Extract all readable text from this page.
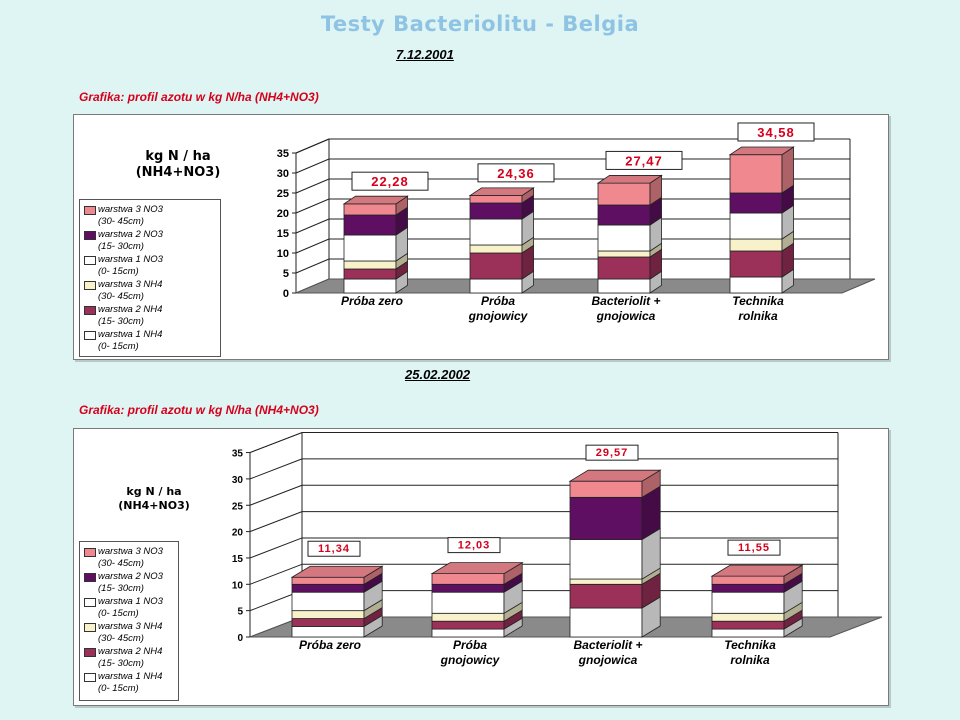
Testy Bacteriolitu - Belgia
7.12.2001
Grafika: profil azotu w kg N/ha (NH4+NO3)
kg N / ha
(NH4+NO3)
warstwa 3 NO3
(30- 45cm)
warstwa 2 NO3
(15- 30cm)
warstwa 1 NO3
(0- 15cm)
warstwa 3 NH4
(30- 45cm)
warstwa 2 NH4
(15- 30cm)
warstwa 1 NH4
(0- 15cm)
0
5
10
15
20
25
30
35
22,28
Próba zero
24,36
Próba
gnojowicy
27,47
Bacteriolit +
gnojowica
34,58
Technika
rolnika
25.02.2002
Grafika: profil azotu w kg N/ha (NH4+NO3)
kg N / ha
(NH4+NO3)
warstwa 3 NO3
(30- 45cm)
warstwa 2 NO3
(15- 30cm)
warstwa 1 NO3
(0- 15cm)
warstwa 3 NH4
(30- 45cm)
warstwa 2 NH4
(15- 30cm)
warstwa 1 NH4
(0- 15cm)
0
5
10
15
20
25
30
35
11,34
Próba zero
12,03
Próba
gnojowicy
29,57
Bacteriolit +
gnojowica
11,55
Technika
rolnika
